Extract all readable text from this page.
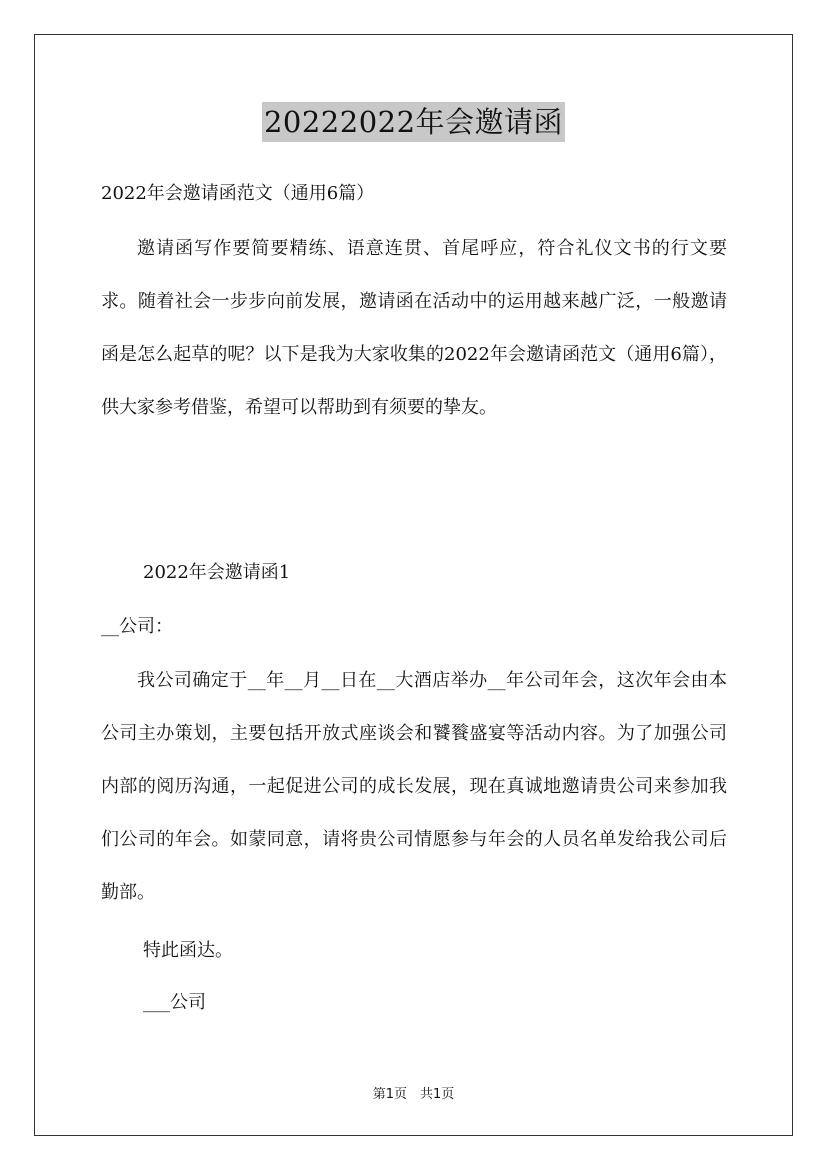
20222022年会邀请函
2022年会邀请函范文（通用6篇）

邀请函写作要简要精练、语意连贯、首尾呼应，符合礼仪文书的行文要求。随着社会一步步向前发展，邀请函在活动中的运用越来越广泛，一般邀请函是怎么起草的呢？以下是我为大家收集的2022年会邀请函范文（通用6篇），供大家参考借鉴，希望可以帮助到有须要的挚友。

2022年会邀请函1
__公司：

我公司确定于__年__月__日在__大酒店举办__年公司年会，这次年会由本公司主办策划，主要包括开放式座谈会和饕餮盛宴等活动内容。为了加强公司内部的阅历沟通，一起促进公司的成长发展，现在真诚地邀请贵公司来参加我们公司的年会。如蒙同意，请将贵公司情愿参与年会的人员名单发给我公司后勤部。

特此函达。
___公司
第1页　共1页
